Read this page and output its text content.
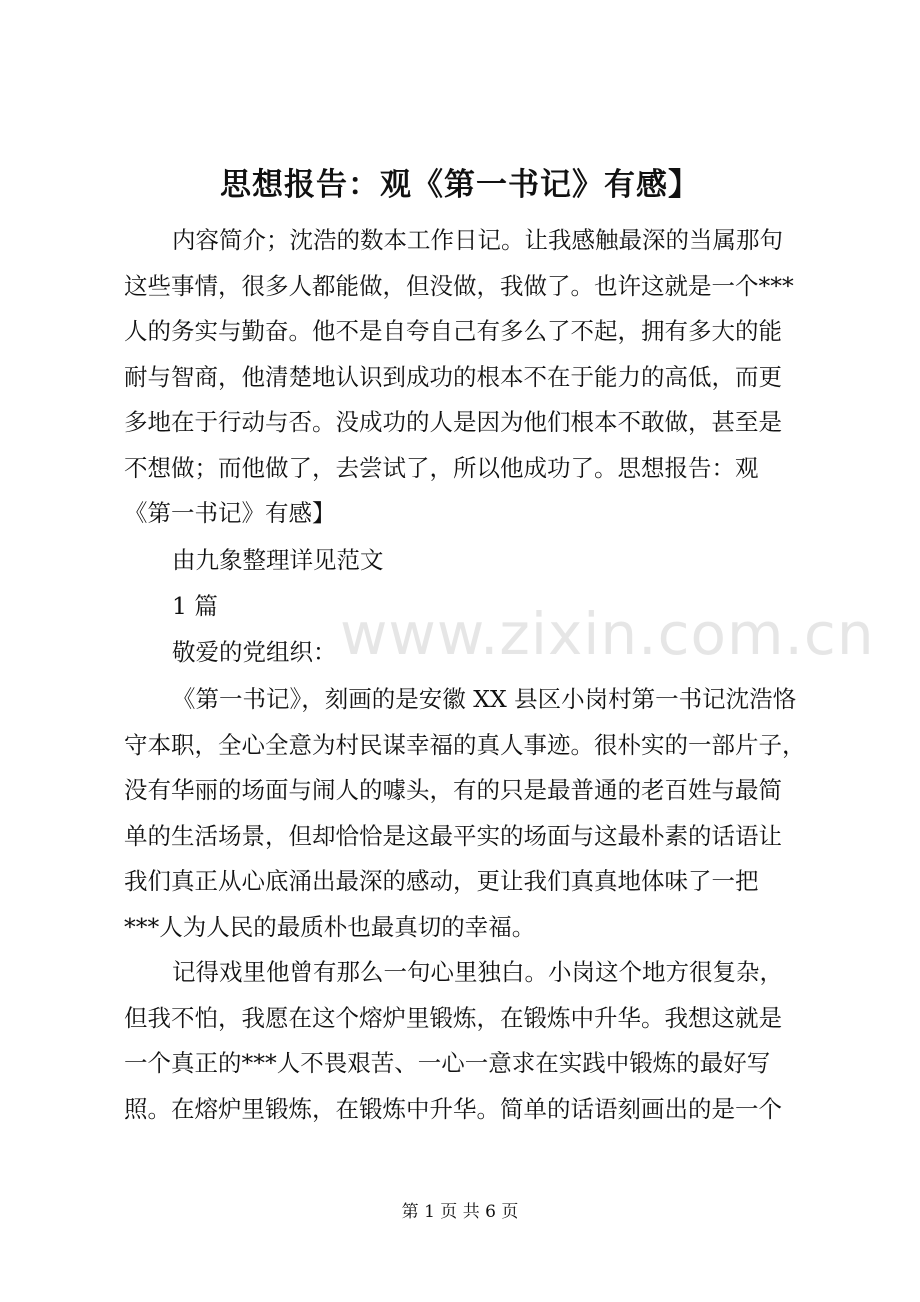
www.zixin.com.cn
思想报告：观《第一书记》有感】
内容简介；沈浩的数本工作日记。让我感触最深的当属那句
这些事情，很多人都能做，但没做，我做了。也许这就是一个***
人的务实与勤奋。他不是自夸自己有多么了不起，拥有多大的能
耐与智商，他清楚地认识到成功的根本不在于能力的高低，而更
多地在于行动与否。没成功的人是因为他们根本不敢做，甚至是
不想做；而他做了，去尝试了，所以他成功了。思想报告：观
《第一书记》有感】
由九象整理详见范文
1 篇
敬爱的党组织：
《第一书记》，刻画的是安徽 XX 县区小岗村第一书记沈浩恪
守本职，全心全意为村民谋幸福的真人事迹。很朴实的一部片子，
没有华丽的场面与闹人的噱头，有的只是最普通的老百姓与最简
单的生活场景，但却恰恰是这最平实的场面与这最朴素的话语让
我们真正从心底涌出最深的感动，更让我们真真地体味了一把
***人为人民的最质朴也最真切的幸福。
记得戏里他曾有那么一句心里独白。小岗这个地方很复杂，
但我不怕，我愿在这个熔炉里锻炼，在锻炼中升华。我想这就是
一个真正的***人不畏艰苦、一心一意求在实践中锻炼的最好写
照。在熔炉里锻炼，在锻炼中升华。简单的话语刻画出的是一个
第 1 页 共 6 页
